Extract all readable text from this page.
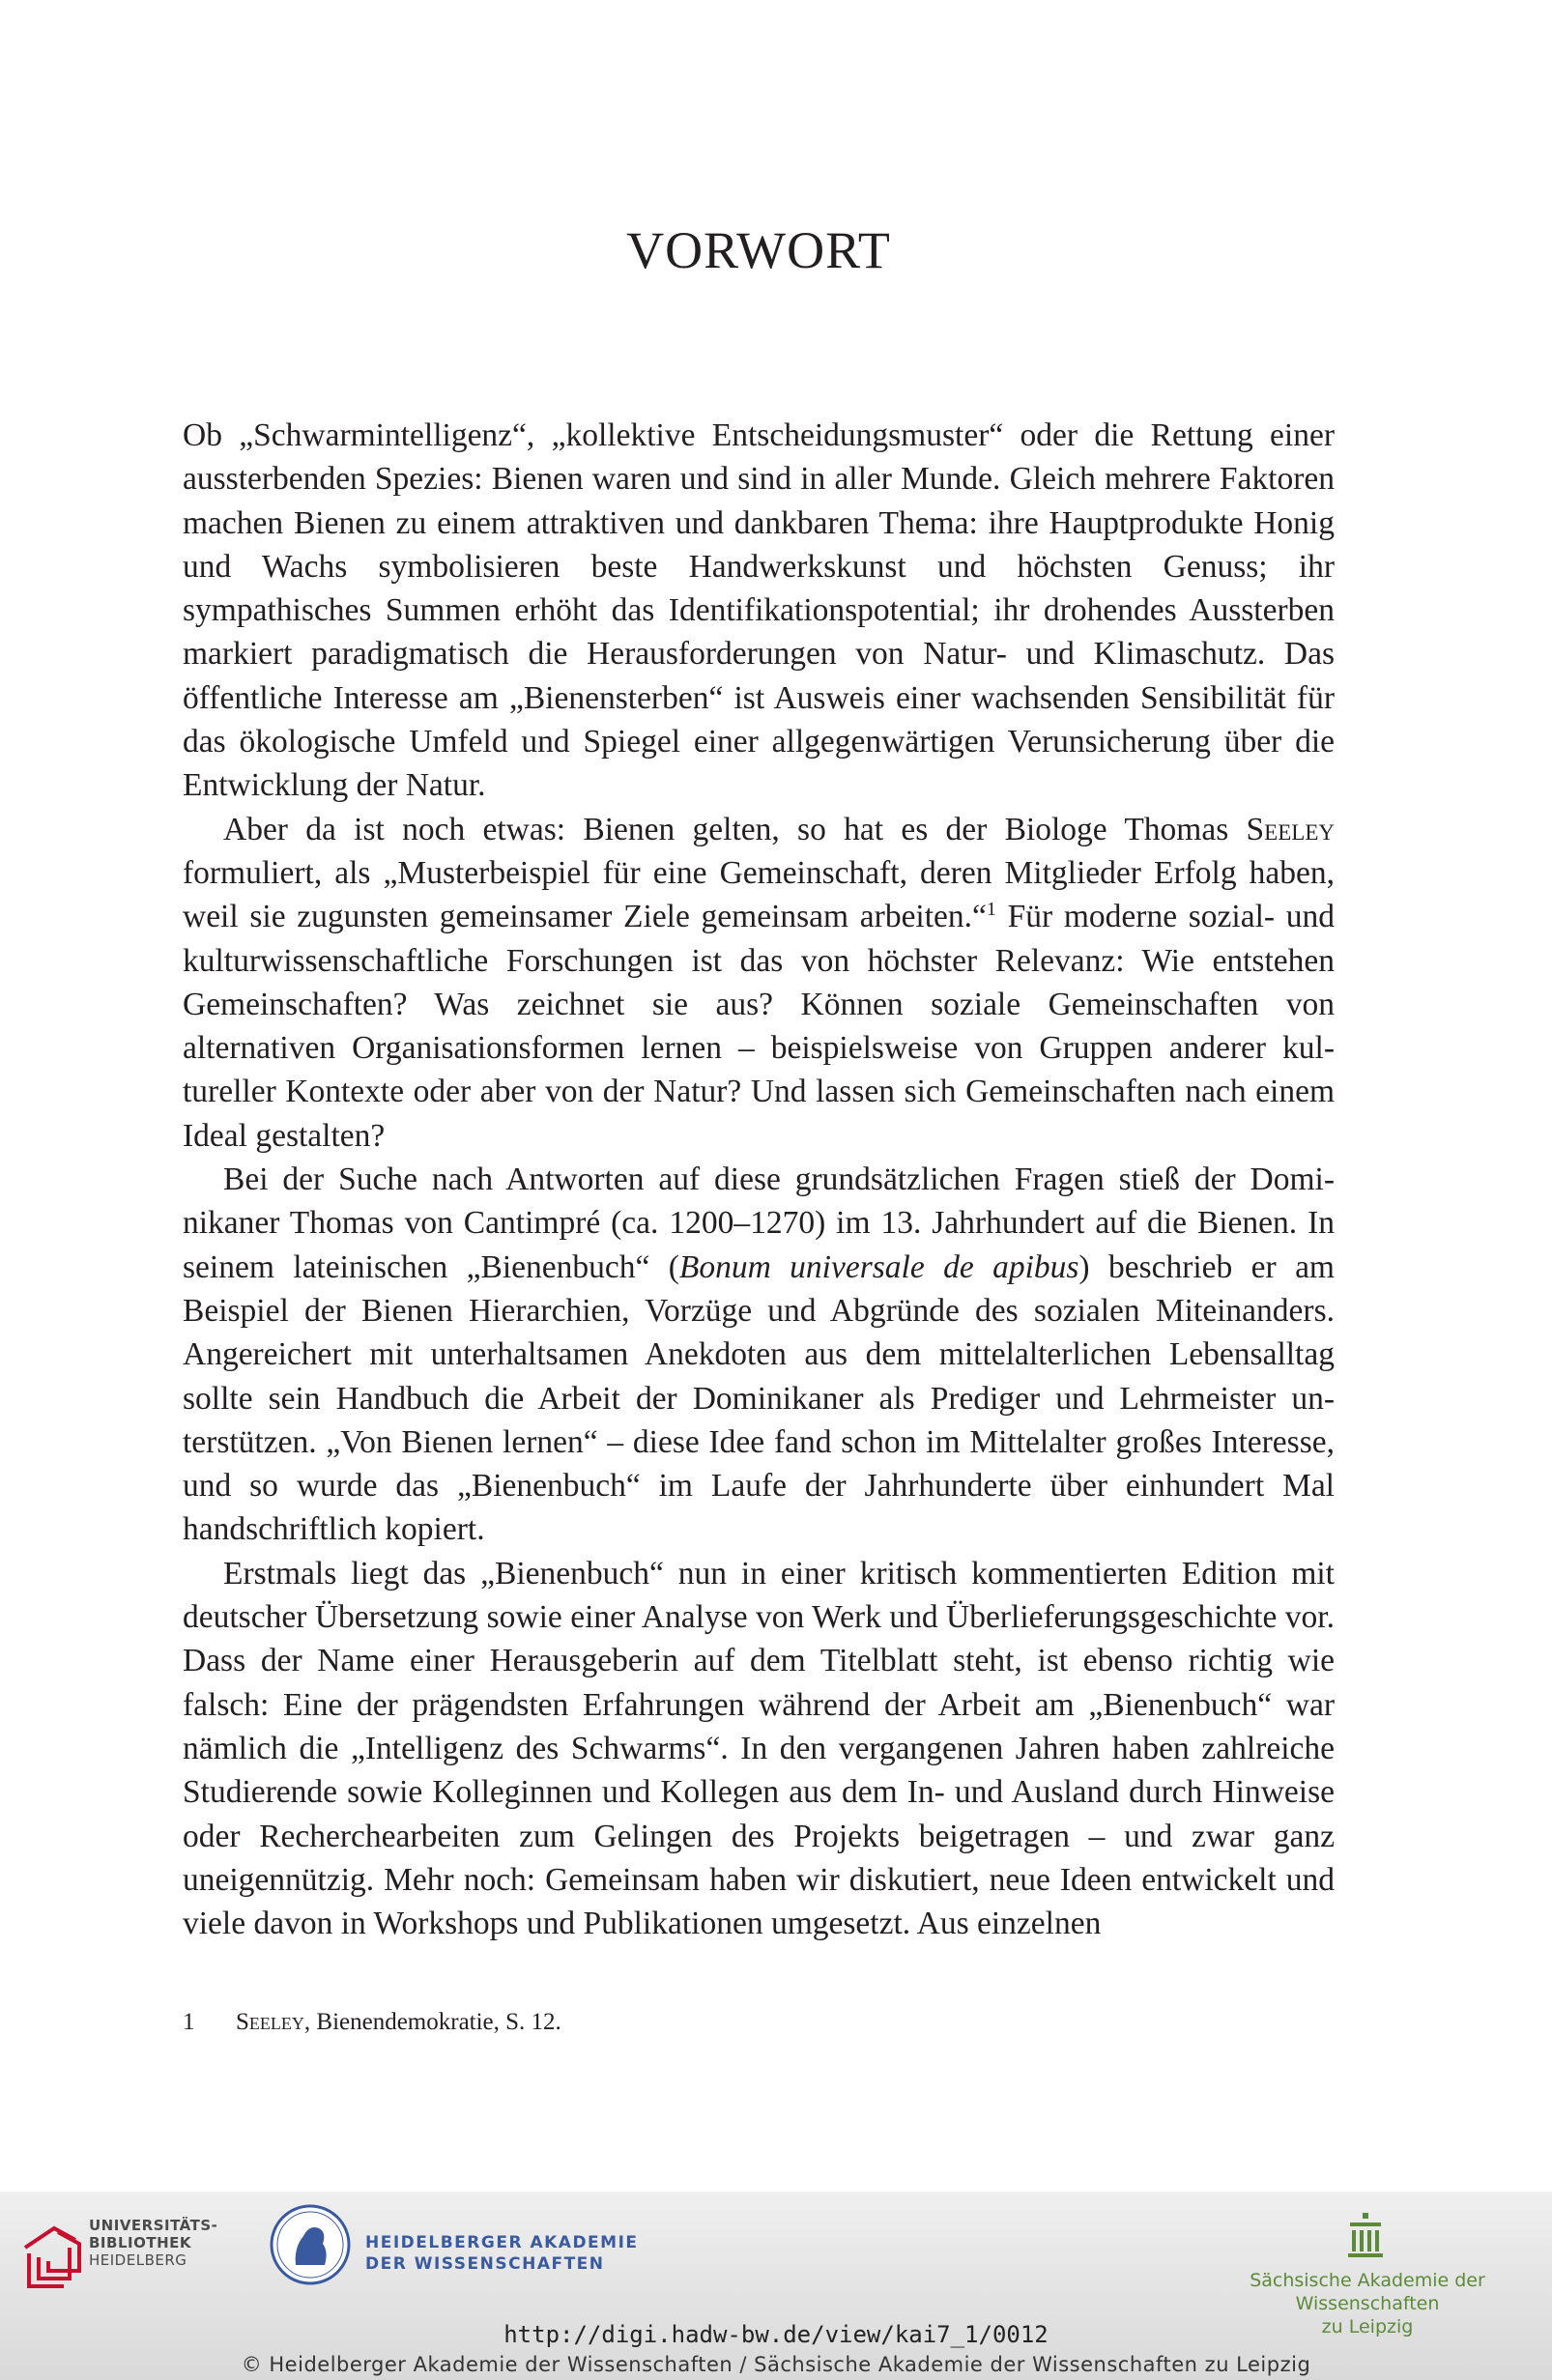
VORWORT

Ob „Schwarmintelligenz“, „kollektive Entscheidungsmuster“ oder die Rettung einer aussterbenden Spezies: Bienen waren und sind in aller Munde. Gleich mehrere Faktoren machen Bienen zu einem attraktiven und dankbaren Thema: ihre Hauptprodukte Honig und Wachs symbolisieren beste Handwerkskunst und höchsten Genuss; ihr sympathisches Summen erhöht das Identifikationspotential; ihr drohendes Aussterben markiert paradigmatisch die Herausforderungen von Natur- und Klimaschutz. Das öffentliche Interesse am „Bienensterben“ ist Ausweis einer wachsenden Sensibilität für das ökologische Umfeld und Spiegel einer allgegenwärtigen Verunsicherung über die Entwicklung der Natur.

Aber da ist noch etwas: Bienen gelten, so hat es der Biologe Thomas Seeley formuliert, als „Musterbeispiel für eine Gemeinschaft, deren Mitglieder Erfolg haben, weil sie zugunsten gemeinsamer Ziele gemeinsam arbeiten.“$^1$ Für moderne sozial- und kulturwissenschaftliche Forschungen ist das von höchster Relevanz: Wie entstehen Gemeinschaften? Was zeichnet sie aus? Können soziale Gemeinschaften von alternativen Organisationsformen lernen – beispielsweise von Gruppen anderer kultureller Kontexte oder aber von der Natur? Und lassen sich Gemeinschaften nach einem Ideal gestalten?

Bei der Suche nach Antworten auf diese grundsätzlichen Fragen stieß der Dominikaner Thomas von Cantimpré (ca. 1200–1270) im 13. Jahrhundert auf die Bienen. In seinem lateinischen „Bienenbuch“ (Bonum universale de apibus) beschrieb er am Beispiel der Bienen Hierarchien, Vorzüge und Abgründe des sozialen Miteinanders. Angereichert mit unterhaltsamen Anekdoten aus dem mittelalterlichen Lebensalltag sollte sein Handbuch die Arbeit der Dominikaner als Prediger und Lehrmeister unterstützen. „Von Bienen lernen“ – diese Idee fand schon im Mittelalter großes Interesse, und so wurde das „Bienenbuch“ im Laufe der Jahrhunderte über einhundert Mal handschriftlich kopiert.

Erstmals liegt das „Bienenbuch“ nun in einer kritisch kommentierten Edition mit deutscher Übersetzung sowie einer Analyse von Werk und Überlieferungsgeschichte vor. Dass der Name einer Herausgeberin auf dem Titelblatt steht, ist ebenso richtig wie falsch: Eine der prägendsten Erfahrungen während der Arbeit am „Bienenbuch“ war nämlich die „Intelligenz des Schwarms“. In den vergangenen Jahren haben zahlreiche Studierende sowie Kolleginnen und Kollegen aus dem In- und Ausland durch Hinweise oder Recherchearbeiten zum Gelingen des Projekts beigetragen – und zwar ganz uneigennützig. Mehr noch: Gemeinsam haben wir diskutiert, neue Ideen entwickelt und viele davon in Workshops und Publikationen umgesetzt. Aus einzelnen

1 Seeley, Bienendemokratie, S. 12.
UNIVERSITÄTS-
BIBLIOTHEK
HEIDELBERG
HEIDELBERGER AKADEMIE
DER WISSENSCHAFTEN
Sächsische Akademie der Wissenschaften
zu Leipzig
http://digi.hadw-bw.de/view/kai7_1/0012
© Heidelberger Akademie der Wissenschaften / Sächsische Akademie der Wissenschaften zu Leipzig
